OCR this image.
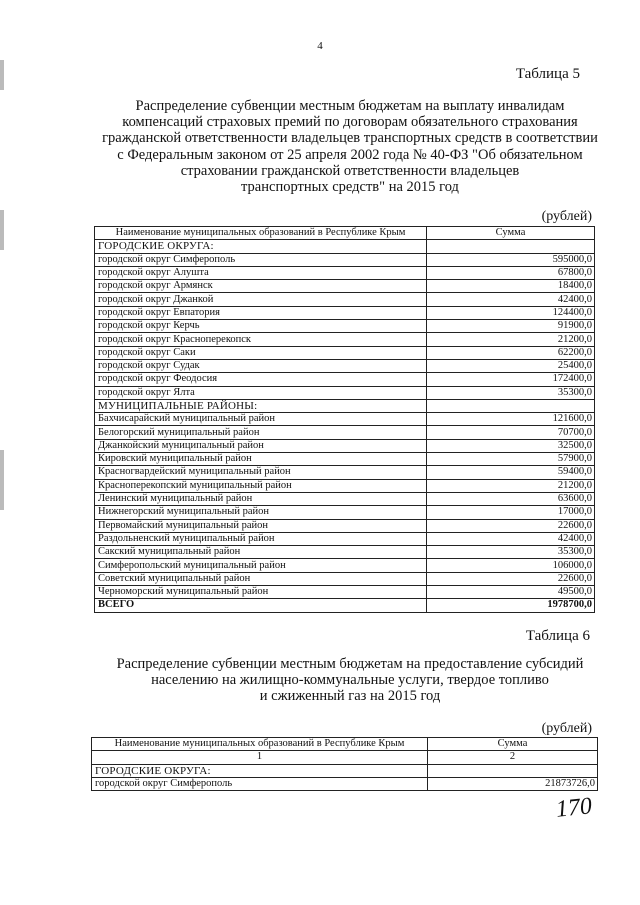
4
Таблица 5
Распределение субвенции местным бюджетам на выплату инвалидам
компенсаций страховых премий по договорам обязательного страхования
гражданской ответственности владельцев транспортных средств в соответствии
с Федеральным законом от 25 апреля 2002 года № 40-ФЗ "Об обязательном
страховании гражданской ответственности владельцев
транспортных средств" на 2015 год
(рублей)
Наименование муниципальных образований в Республике Крым	Сумма
ГОРОДСКИЕ ОКРУГА:	
городской округ Симферополь	595000,0
городской округ Алушта	67800,0
городской округ Армянск	18400,0
городской округ Джанкой	42400,0
городской округ Евпатория	124400,0
городской округ Керчь	91900,0
городской округ Красноперекопск	21200,0
городской округ Саки	62200,0
городской округ Судак	25400,0
городской округ Феодосия	172400,0
городской округ Ялта	35300,0
МУНИЦИПАЛЬНЫЕ РАЙОНЫ:	
Бахчисарайский муниципальный район	121600,0
Белогорский муниципальный район	70700,0
Джанкойский муниципальный район	32500,0
Кировский муниципальный район	57900,0
Красногвардейский муниципальный район	59400,0
Красноперекопский муниципальный район	21200,0
Ленинский муниципальный район	63600,0
Нижнегорский муниципальный район	17000,0
Первомайский муниципальный район	22600,0
Раздольненский муниципальный район	42400,0
Сакский муниципальный район	35300,0
Симферопольский муниципальный район	106000,0
Советский муниципальный район	22600,0
Черноморский муниципальный район	49500,0
ВСЕГО	1978700,0
Таблица 6
Распределение субвенции местным бюджетам на предоставление субсидий
населению на жилищно-коммунальные услуги, твердое топливо
и сжиженный газ на 2015 год
(рублей)
Наименование муниципальных образований в Республике Крым	Сумма
1	2
ГОРОДСКИЕ ОКРУГА:	
городской округ Симферополь	21873726,0
170
